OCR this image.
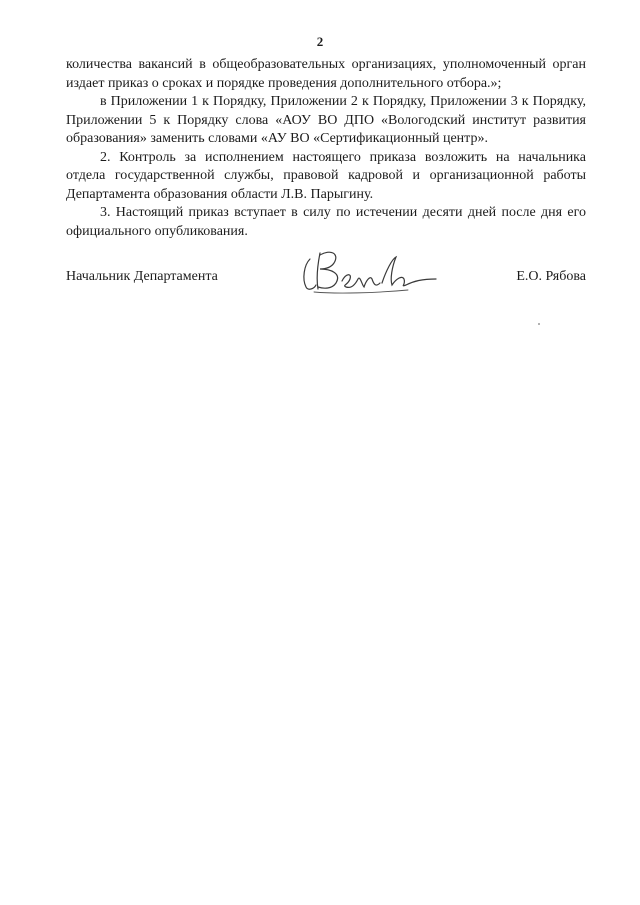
2

количества вакансий в общеобразовательных организациях, уполномоченный орган издает приказ о сроках и порядке проведения дополнительного отбора.»;

в Приложении 1 к Порядку, Приложении 2 к Порядку, Приложении 3 к Порядку, Приложении 5 к Порядку слова «АОУ ВО ДПО «Вологодский институт развития образования» заменить словами «АУ ВО «Сертификационный центр».

2. Контроль за исполнением настоящего приказа возложить на начальника отдела государственной службы, правовой кадровой и организационной работы Департамента образования области Л.В. Парыгину.

3. Настоящий приказ вступает в силу по истечении десяти дней после дня его официального опубликования.

Начальник Департамента	Е.О. Рябова
